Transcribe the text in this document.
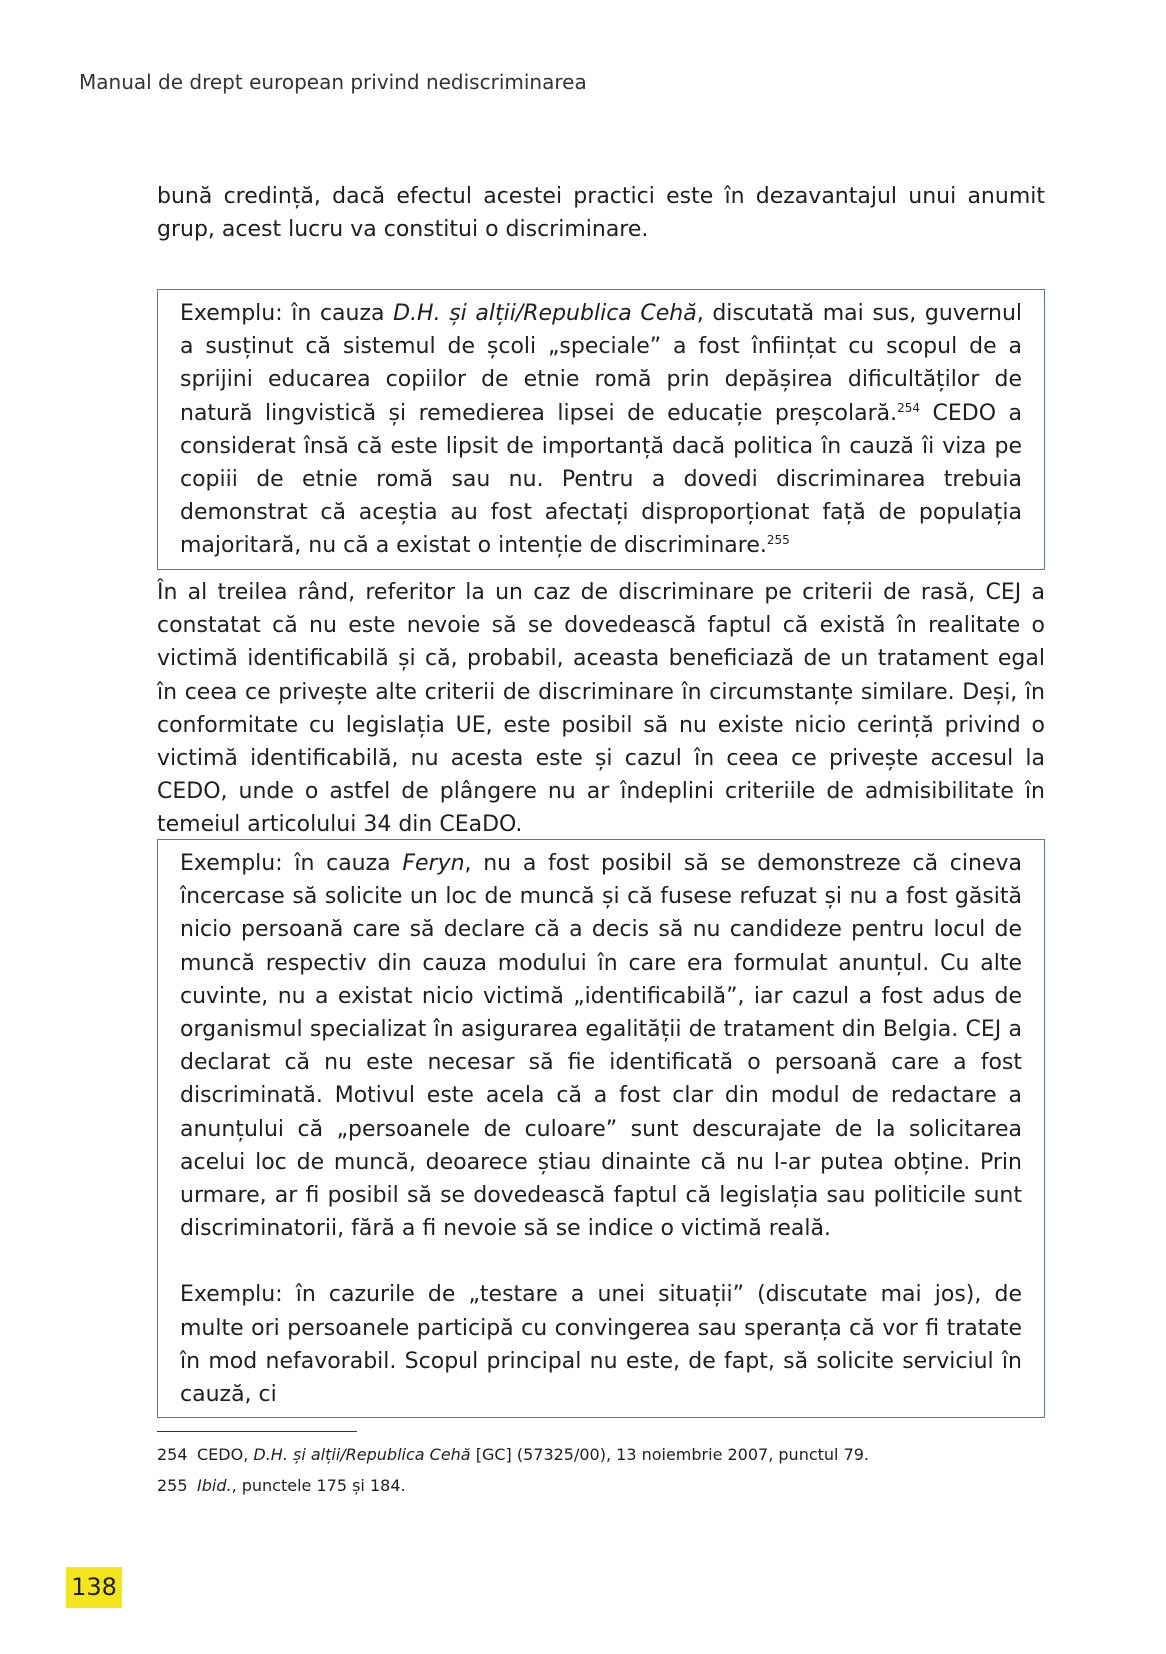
Manual de drept european privind nediscriminarea

bună credință, dacă efectul acestei practici este în dezavantajul unui anumit grup, acest lucru va constitui o discriminare.

Exemplu: în cauza D.H. și alții/Republica Cehă, discutată mai sus, guvernul a susținut că sistemul de școli „speciale” a fost înființat cu scopul de a sprijini educarea copiilor de etnie romă prin depășirea dificultăților de natură lingvistică și remedierea lipsei de educație preșcolară.$^{254}$ CEDO a considerat însă că este lipsit de importanță dacă politica în cauză îi viza pe copiii de etnie romă sau nu. Pentru a dovedi discriminarea trebuia demonstrat că aceștia au fost afectați disproporționat față de populația majoritară, nu că a existat o intenție de discriminare.$^{255}$

În al treilea rând, referitor la un caz de discriminare pe criterii de rasă, CEJ a constatat că nu este nevoie să se dovedească faptul că există în realitate o victimă identificabilă și că, probabil, aceasta beneficiază de un tratament egal în ceea ce privește alte criterii de discriminare în circumstanțe similare. Deși, în conformitate cu legislația UE, este posibil să nu existe nicio cerință privind o victimă identificabilă, nu acesta este și cazul în ceea ce privește accesul la CEDO, unde o astfel de plângere nu ar îndeplini criteriile de admisibilitate în temeiul articolului 34 din CEaDO.

Exemplu: în cauza Feryn, nu a fost posibil să se demonstreze că cineva încercase să solicite un loc de muncă și că fusese refuzat și nu a fost găsită nicio persoană care să declare că a decis să nu candideze pentru locul de muncă respectiv din cauza modului în care era formulat anunțul. Cu alte cuvinte, nu a existat nicio victimă „identificabilă”, iar cazul a fost adus de organismul specializat în asigurarea egalității de tratament din Belgia. CEJ a declarat că nu este necesar să fie identificată o persoană care a fost discriminată. Motivul este acela că a fost clar din modul de redactare a anunțului că „persoanele de culoare” sunt descurajate de la solicitarea acelui loc de muncă, deoarece știau dinainte că nu l-ar putea obține. Prin urmare, ar fi posibil să se dovedească faptul că legislația sau politicile sunt discriminatorii, fără a fi nevoie să se indice o victimă reală.

Exemplu: în cazurile de „testare a unei situații” (discutate mai jos), de multe ori persoanele participă cu convingerea sau speranța că vor fi tratate în mod nefavorabil. Scopul principal nu este, de fapt, să solicite serviciul în cauză, ci

254 CEDO, D.H. și alții/Republica Cehă [GC] (57325/00), 13 noiembrie 2007, punctul 79.
255 Ibid., punctele 175 și 184.
138
